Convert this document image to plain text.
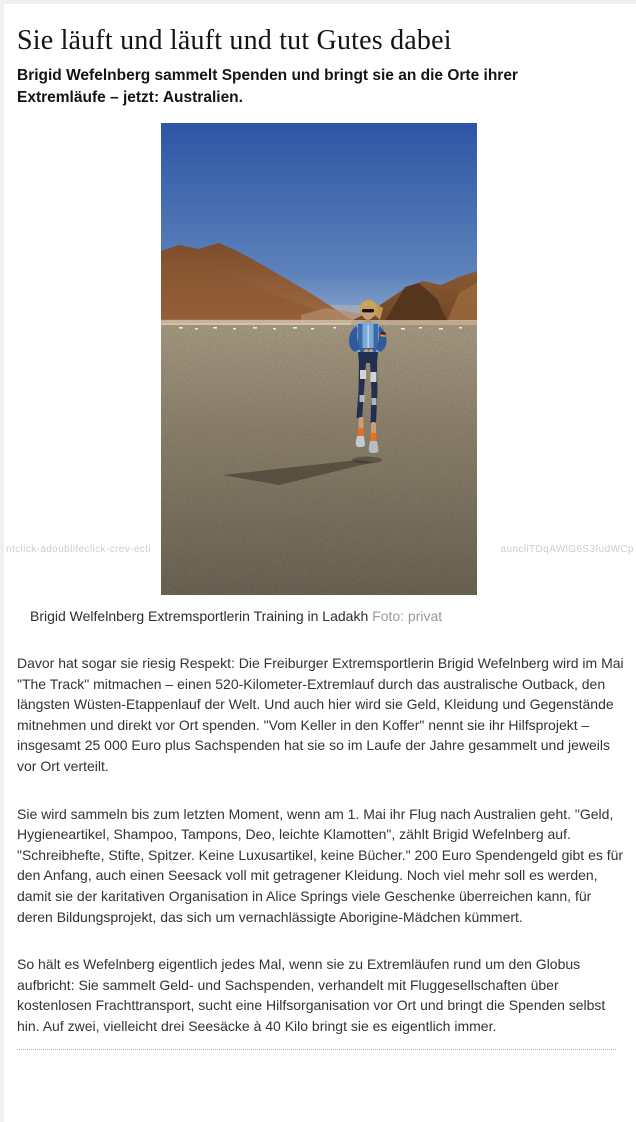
ntclick-adoublifeclick-crev-ecti	auncliTDqAWlG6S3fudWCp
Sie läuft und läuft und tut Gutes dabei
Brigid Wefelnberg sammelt Spenden und bringt sie an die Orte ihrer Extremläufe – jetzt: Australien.
Brigid Welfelnberg Extremsportlerin Training in Ladakh Foto: privat

Davor hat sogar sie riesig Respekt: Die Freiburger Extremsportlerin Brigid Wefelnberg wird im Mai "The Track" mitmachen – einen 520-Kilometer-Extremlauf durch das australische Outback, den längsten Wüsten-Etappenlauf der Welt. Und auch hier wird sie Geld, Kleidung und Gegenstände mitnehmen und direkt vor Ort spenden. "Vom Keller in den Koffer" nennt sie ihr Hilfsprojekt – insgesamt 25 000 Euro plus Sachspenden hat sie so im Laufe der Jahre gesammelt und jeweils vor Ort verteilt.

Sie wird sammeln bis zum letzten Moment, wenn am 1. Mai ihr Flug nach Australien geht. "Geld, Hygieneartikel, Shampoo, Tampons, Deo, leichte Klamotten", zählt Brigid Wefelnberg auf. "Schreibhefte, Stifte, Spitzer. Keine Luxusartikel, keine Bücher." 200 Euro Spendengeld gibt es für den Anfang, auch einen Seesack voll mit getragener Kleidung. Noch viel mehr soll es werden, damit sie der karitativen Organisation in Alice Springs viele Geschenke überreichen kann, für deren Bildungsprojekt, das sich um vernachlässigte Aborigine-Mädchen kümmert.

So hält es Wefelnberg eigentlich jedes Mal, wenn sie zu Extremläufen rund um den Globus aufbricht: Sie sammelt Geld- und Sachspenden, verhandelt mit Fluggesellschaften über kostenlosen Frachttransport, sucht eine Hilfsorganisation vor Ort und bringt die Spenden selbst hin. Auf zwei, vielleicht drei Seesäcke à 40 Kilo bringt sie es eigentlich immer.
